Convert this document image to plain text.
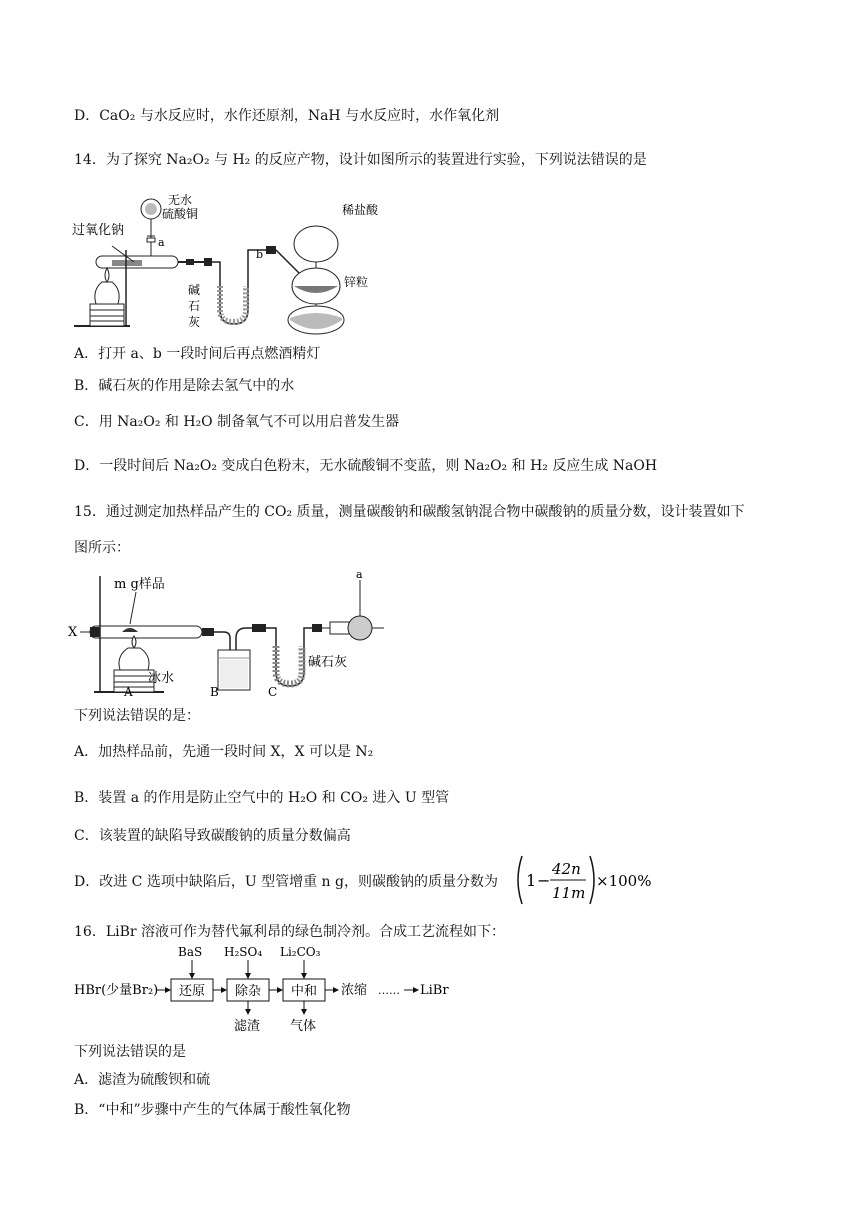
D．CaO₂ 与水反应时，水作还原剂，NaH 与水反应时，水作氧化剂
14．为了探究 Na₂O₂ 与 H₂ 的反应产物，设计如图所示的装置进行实验，下列说法错误的是
无水
硫酸铜
a
过氧化钠
碱
石
灰
b
稀盐酸
锌粒
A．打开 a、b 一段时间后再点燃酒精灯
B．碱石灰的作用是除去氢气中的水
C．用 Na₂O₂ 和 H₂O 制备氧气不可以用启普发生器
D．一段时间后 Na₂O₂ 变成白色粉末，无水硫酸铜不变蓝，则 Na₂O₂ 和 H₂ 反应生成 NaOH
15．通过测定加热样品产生的 CO₂ 质量，测量碳酸钠和碳酸氢钠混合物中碳酸钠的质量分数，设计装置如下
图所示：
X
m g样品
a
碱石灰
冰水
A	B	C
下列说法错误的是：
A．加热样品前，先通一段时间 X，X 可以是 N₂
B．装置 a 的作用是防止空气中的 H₂O 和 CO₂ 进入 U 型管
C．该装置的缺陷导致碳酸钠的质量分数偏高
D．改进 C 选项中缺陷后，U 型管增重 n g，则碳酸钠的质量分数为 1 −
42n
11m
×100%
16．LiBr 溶液可作为替代氟利昂的绿色制冷剂。合成工艺流程如下：
HBr(少量Br₂) 还原 除杂 中和 浓缩 …… LiBr
BaS H₂SO₄ Li₂CO₃
滤渣 气体
下列说法错误的是
A．滤渣为硫酸钡和硫
B．“中和”步骤中产生的气体属于酸性氧化物
